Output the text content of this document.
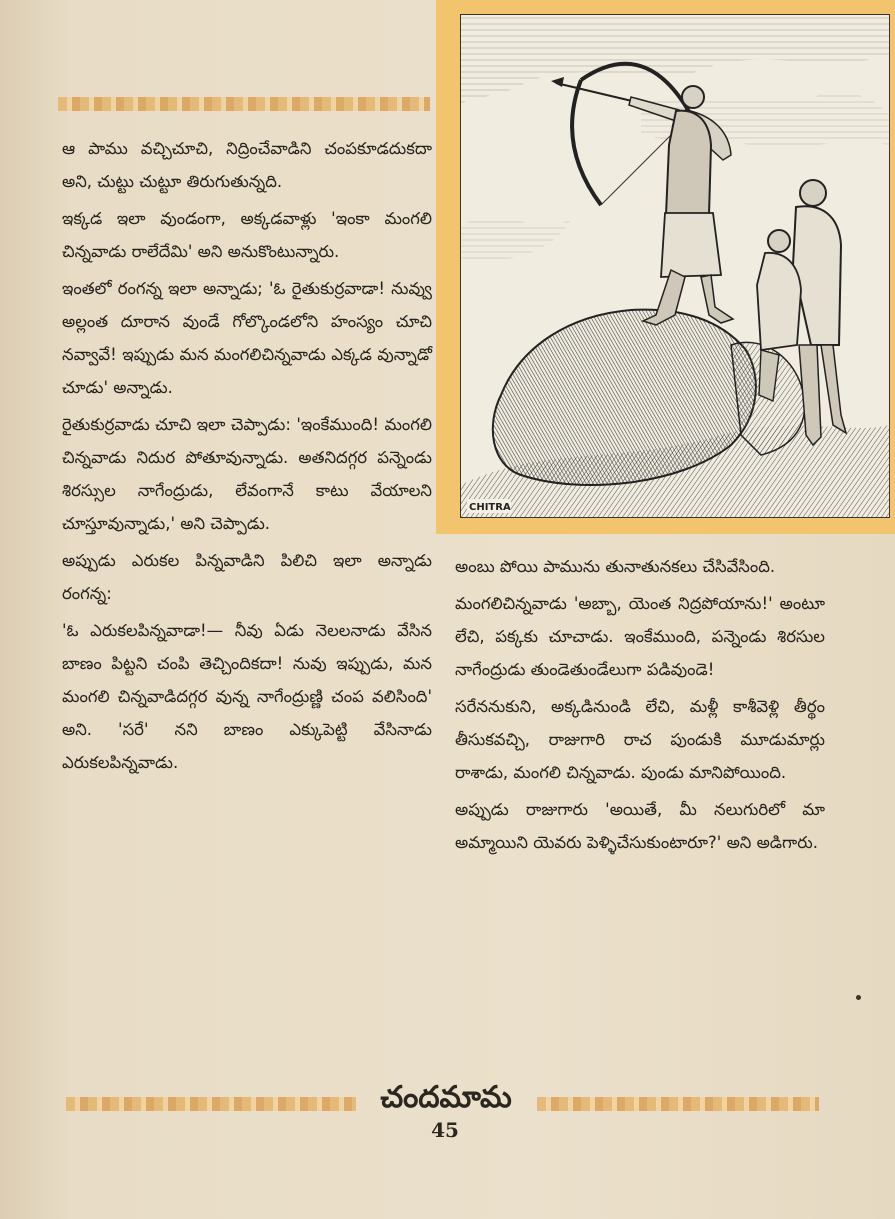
CHITRA

ఆ పాము వచ్చిచూచి, నిద్రించేవాడిని చంపకూడదుకదా అని, చుట్టు చుట్టూ తిరుగుతున్నది.

ఇక్కడ ఇలా వుండంగా, అక్కడవాళ్లు 'ఇంకా మంగలి చిన్నవాడు రాలేదేమి' అని అనుకొంటున్నారు.

ఇంతలో రంగన్న ఇలా అన్నాడు; 'ఓ రైతుకుర్రవాడా! నువ్వు అల్లంత దూరాన వుండే గోల్కొండలోని హంస్యం చూచి నవ్వావే! ఇప్పుడు మన మంగలిచిన్నవాడు ఎక్కడ వున్నాడో చూడు' అన్నాడు.

రైతుకుర్రవాడు చూచి ఇలా చెప్పాడు: 'ఇంకేముంది! మంగలి చిన్నవాడు నిదుర పోతూవున్నాడు. అతనిదగ్గర పన్నెండు శిరస్సుల నాగేంద్రుడు, లేవంగానే కాటు వేయాలని చూస్తూవున్నాడు,' అని చెప్పాడు.

అప్పుడు ఎరుకల పిన్నవాడిని పిలిచి ఇలా అన్నాడు రంగన్న:

'ఓ ఎరుకలపిన్నవాడా!— నీవు ఏడు నెలలనాడు వేసిన బాణం పిట్టని చంపి తెచ్చిందికదా! నువు ఇప్పుడు, మన మంగలి చిన్నవాడిదగ్గర వున్న నాగేంద్రుణ్ణి చంప వలిసింది' అని. 'సరే' నని బాణం ఎక్కుపెట్టి వేసినాడు ఎరుకలపిన్నవాడు.

అంబు పోయి పామును తునాతునకలు చేసివేసింది.

మంగలిచిన్నవాడు 'అబ్బా, యెంత నిద్రపోయాను!' అంటూ లేచి, పక్కకు చూచాడు. ఇంకేముంది, పన్నెండు శిరసుల నాగేంద్రుడు తుండెతుండేలుగా పడివుండె!

సరేననుకుని, అక్కడినుండి లేచి, మళ్లీ కాశీవెళ్లి తీర్థం తీసుకవచ్చి, రాజుగారి రాచ పుండుకి మూడుమార్లు రాశాడు, మంగలి చిన్నవాడు. పుండు మానిపోయింది.

అప్పుడు రాజుగారు 'అయితే, మీ నలుగురిలో మా అమ్మాయిని యెవరు పెళ్ళిచేసుకుంటారూ?' అని అడిగారు.

చందమామ
45
